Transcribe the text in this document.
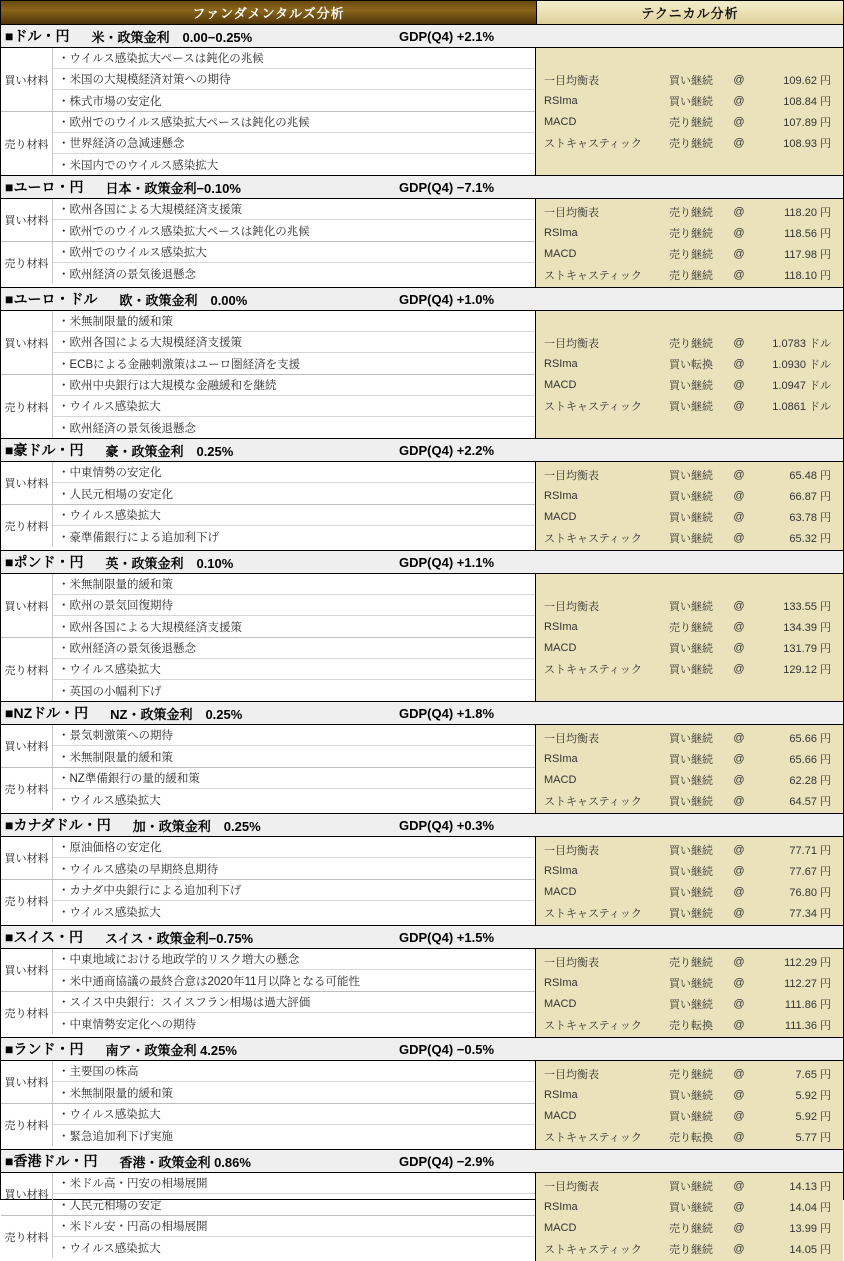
ファンダメンタルズ分析	テクニカル分析
■ドル・円 米・政策金利　0.00−0.25%	GDP(Q4) +2.1%
買い材料
・ウイルス感染拡大ペースは鈍化の兆候
・米国の大規模経済対策への期待
・株式市場の安定化
売り材料
・欧州でのウイルス感染拡大ペースは鈍化の兆候
・世界経済の急減速懸念
・米国内でのウイルス感染拡大
一目均衡表	買い継続	@	109.62 円
RSIma	買い継続	@	108.84 円
MACD	売り継続	@	107.89 円
ストキャスティック	売り継続	@	108.93 円
■ユーロ・円 日本・政策金利−0.10%	GDP(Q4) −7.1%
買い材料
・欧州各国による大規模経済支援策
・欧州でのウイルス感染拡大ペースは鈍化の兆候
売り材料
・欧州でのウイルス感染拡大
・欧州経済の景気後退懸念
一目均衡表	売り継続	@	118.20 円
RSIma	売り継続	@	118.56 円
MACD	売り継続	@	117.98 円
ストキャスティック	売り継続	@	118.10 円
■ユーロ・ドル 欧・政策金利　0.00%	GDP(Q4) +1.0%
買い材料
・米無制限量的緩和策
・欧州各国による大規模経済支援策
・ECBによる金融刺激策はユーロ圏経済を支援
売り材料
・欧州中央銀行は大規模な金融緩和を継続
・ウイルス感染拡大
・欧州経済の景気後退懸念
一目均衡表	売り継続	@	1.0783 ドル
RSIma	買い転換	@	1.0930 ドル
MACD	買い継続	@	1.0947 ドル
ストキャスティック	買い継続	@	1.0861 ドル
■豪ドル・円 豪・政策金利　0.25%	GDP(Q4) +2.2%
買い材料
・中東情勢の安定化
・人民元相場の安定化
売り材料
・ウイルス感染拡大
・豪準備銀行による追加利下げ
一目均衡表	買い継続	@	65.48 円
RSIma	買い継続	@	66.87 円
MACD	買い継続	@	63.78 円
ストキャスティック	買い継続	@	65.32 円
■ポンド・円 英・政策金利　0.10%	GDP(Q4) +1.1%
買い材料
・米無制限量的緩和策
・欧州の景気回復期待
・欧州各国による大規模経済支援策
売り材料
・欧州経済の景気後退懸念
・ウイルス感染拡大
・英国の小幅利下げ
一目均衡表	買い継続	@	133.55 円
RSIma	売り継続	@	134.39 円
MACD	買い継続	@	131.79 円
ストキャスティック	買い継続	@	129.12 円
■NZドル・円 NZ・政策金利　0.25%	GDP(Q4) +1.8%
買い材料
・景気刺激策への期待
・米無制限量的緩和策
売り材料
・NZ準備銀行の量的緩和策
・ウイルス感染拡大
一目均衡表	買い継続	@	65.66 円
RSIma	買い継続	@	65.66 円
MACD	買い継続	@	62.28 円
ストキャスティック	買い継続	@	64.57 円
■カナダドル・円 加・政策金利　0.25%	GDP(Q4) +0.3%
買い材料
・原油価格の安定化
・ウイルス感染の早期終息期待
売り材料
・カナダ中央銀行による追加利下げ
・ウイルス感染拡大
一目均衡表	買い継続	@	77.71 円
RSIma	買い継続	@	77.67 円
MACD	買い継続	@	76.80 円
ストキャスティック	買い継続	@	77.34 円
■スイス・円 スイス・政策金利−0.75%	GDP(Q4) +1.5%
買い材料
・中東地域における地政学的リスク増大の懸念
・米中通商協議の最終合意は2020年11月以降となる可能性
売り材料
・スイス中央銀行：スイスフラン相場は過大評価
・中東情勢安定化への期待
一目均衡表	売り継続	@	112.29 円
RSIma	買い継続	@	112.27 円
MACD	買い継続	@	111.86 円
ストキャスティック	売り転換	@	111.36 円
■ランド・円 南ア・政策金利 4.25%	GDP(Q4) −0.5%
買い材料
・主要国の株高
・米無制限量的緩和策
売り材料
・ウイルス感染拡大
・緊急追加利下げ実施
一目均衡表	売り継続	@	7.65 円
RSIma	買い継続	@	5.92 円
MACD	買い継続	@	5.92 円
ストキャスティック	売り転換	@	5.77 円
■香港ドル・円 香港・政策金利 0.86%	GDP(Q4) −2.9%
買い材料
・米ドル高・円安の相場展開
・人民元相場の安定
売り材料
・米ドル安・円高の相場展開
・ウイルス感染拡大
一目均衡表	買い継続	@	14.13 円
RSIma	買い継続	@	14.04 円
MACD	売り継続	@	13.99 円
ストキャスティック	売り継続	@	14.05 円
